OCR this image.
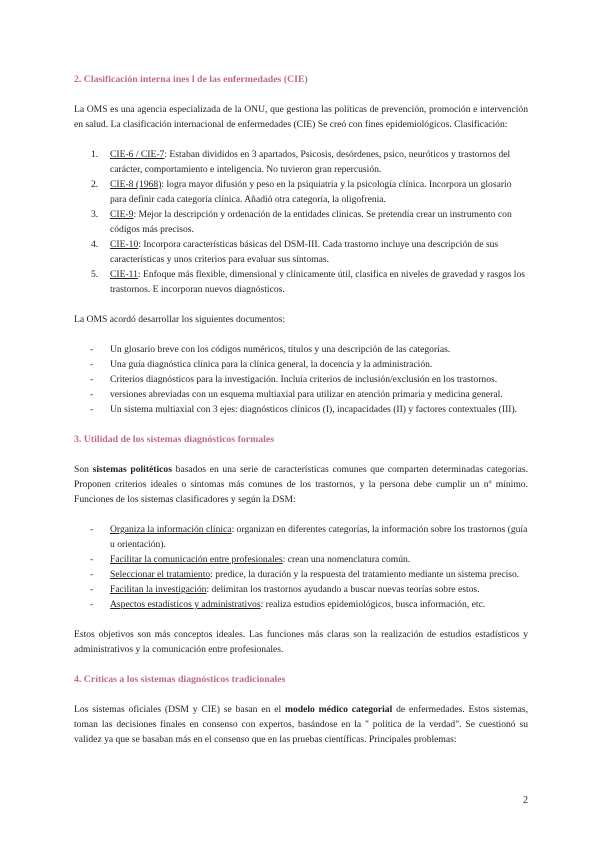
2. Clasificación interna ines l de las enfermedades (CIE)

La OMS es una agencia especializada de la ONU, que gestiona las políticas de prevención, promoción e intervención en salud. La clasificación internacional de enfermedades (CIE) Se creó con fines epidemiológicos. Clasificación:

1. CIE-6 / CIE-7: Estaban divididos en 3 apartados, Psicosis, desórdenes, psico, neuróticos y trastornos del carácter, comportamiento e inteligencia. No tuvieron gran repercusión.
2. CIE-8 (1968): logra mayor difusión y peso en la psiquiatría y la psicología clínica. Incorpora un glosario para definir cada categoría clínica. Añadió otra categoría, la oligofrenia.
3. CIE-9: Mejor la descripción y ordenación de la entidades clínicas. Se pretendía crear un instrumento con códigos más precisos.
4. CIE-10: Incorpora características básicas del DSM-III. Cada trastorno incluye una descripción de sus características y unos criterios para evaluar sus síntomas.
5. CIE-11: Enfoque más flexible, dimensional y clínicamente útil, clasifica en niveles de gravedad y rasgos los trastornos. E incorporan nuevos diagnósticos.

La OMS acordó desarrollar los siguientes documentos:

- Un glosario breve con los códigos numéricos, títulos y una descripción de las categorías.
- Una guía diagnóstica clínica para la clínica general, la docencia y la administración.
- Criterios diagnósticos para la investigación. Incluía criterios de inclusión/exclusión en los trastornos.
- versiones abreviadas con un esquema multiaxial para utilizar en atención primaria y medicina general.
- Un sistema multiaxial con 3 ejes: diagnósticos clínicos (I), incapacidades (II) y factores contextuales (III).
3. Utilidad de los sistemas diagnósticos formales

Son sistemas politéticos basados en una serie de características comunes que comparten determinadas categorías. Proponen criterios ideales o síntomas más comunes de los trastornos, y la persona debe cumplir un nº mínimo. Funciones de los sistemas clasificadores y según la DSM:

- Organiza la información clínica: organizan en diferentes categorías, la información sobre los trastornos (guía u orientación).
- Facilitar la comunicación entre profesionales: crean una nomenclatura común.
- Seleccionar el tratamiento: predice, la duración y la respuesta del tratamiento mediante un sistema preciso.
- Facilitan la investigación: delimitan los trastornos ayudando a buscar nuevas teorías sobre estos.
- Aspectos estadísticos y administrativos: realiza estudios epidemiológicos, busca información, etc.

Estos objetivos son más conceptos ideales. Las funciones más claras son la realización de estudios estadísticos y administrativos y la comunicación entre profesionales.

4. Críticas a los sistemas diagnósticos tradicionales

Los sistemas oficiales (DSM y CIE) se basan en el modelo médico categorial de enfermedades. Estos sistemas, toman las decisiones finales en consenso con expertos, basándose en la " política de la verdad". Se cuestionó su validez ya que se basaban más en el consenso que en las pruebas científicas. Principales problemas:

2
